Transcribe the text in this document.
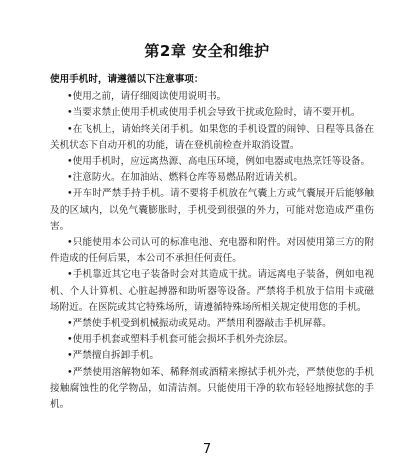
第2章 安全和维护

使用手机时，请遵循以下注意事项：

•使用之前，请仔细阅读使用说明书。

•当要求禁止使用手机或使用手机会导致干扰或危险时，请不要开机。

•在飞机上，请始终关闭手机。如果您的手机设置的闹钟、日程等具备在关机状态下自动开机的功能，请在登机前检查并取消设置。

•使用手机时，应远离热源、高电压环境，例如电器或电热烹饪等设备。

•注意防火。在加油站、燃料仓库等易燃品附近请关机。

•开车时严禁手持手机。请不要将手机放在气囊上方或气囊展开后能够触及的区域内，以免气囊膨胀时，手机受到很强的外力，可能对您造成严重伤害。

•只能使用本公司认可的标准电池、充电器和附件。对因使用第三方的附件造成的任何后果，本公司不承担任何责任。

•手机靠近其它电子装备时会对其造成干扰。请远离电子装备，例如电视机、个人计算机、心脏起搏器和助听器等设备。严禁将手机放于信用卡或磁场附近。在医院或其它特殊场所，请遵循特殊场所相关规定使用您的手机。

•严禁使手机受到机械振动或晃动。严禁用利器敲击手机屏幕。

•使用手机套或塑料手机套可能会损坏手机外壳涂层。

•严禁擅自拆卸手机。

•严禁使用溶解物如苯、稀释剂或酒精来擦拭手机外壳，严禁使您的手机接触腐蚀性的化学物品，如清洁剂。只能使用干净的软布轻轻地擦拭您的手机。

7
